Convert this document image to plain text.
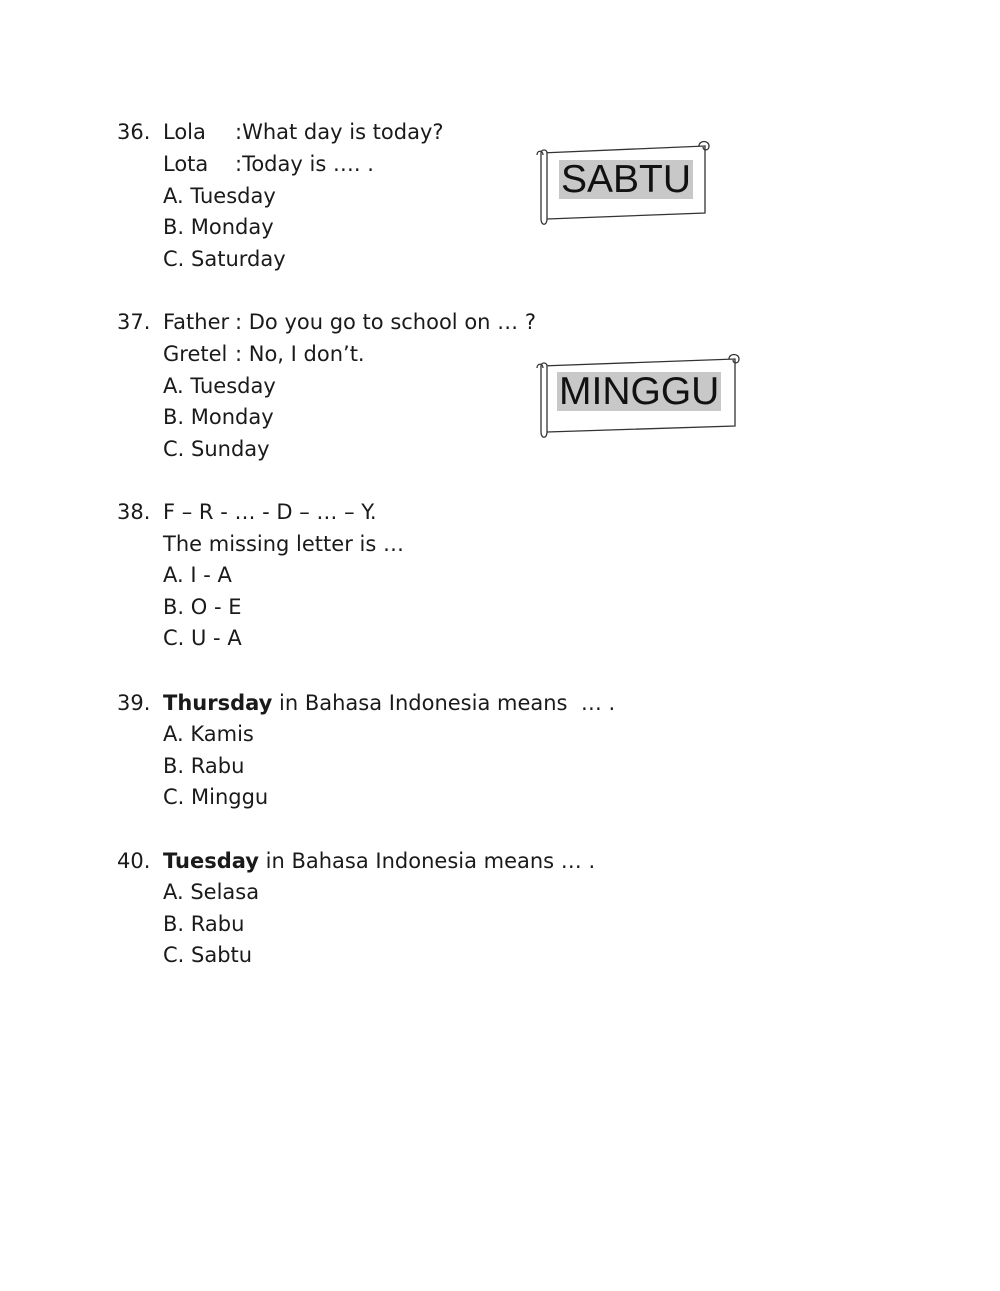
36. Lola :What day is today?
Lota :Today is …. .
A. Tuesday
B. Monday
C. Saturday
SABTU
37. Father : Do you go to school on … ?
Gretel : No, I don’t.
A. Tuesday
B. Monday
C. Sunday
MINGGU
38. F – R - … - D – … – Y.
The missing letter is …
A. I - A
B. O - E
C. U - A
39. Thursday in Bahasa Indonesia means  … .
A. Kamis
B. Rabu
C. Minggu
40. Tuesday in Bahasa Indonesia means … .
A. Selasa
B. Rabu
C. Sabtu
